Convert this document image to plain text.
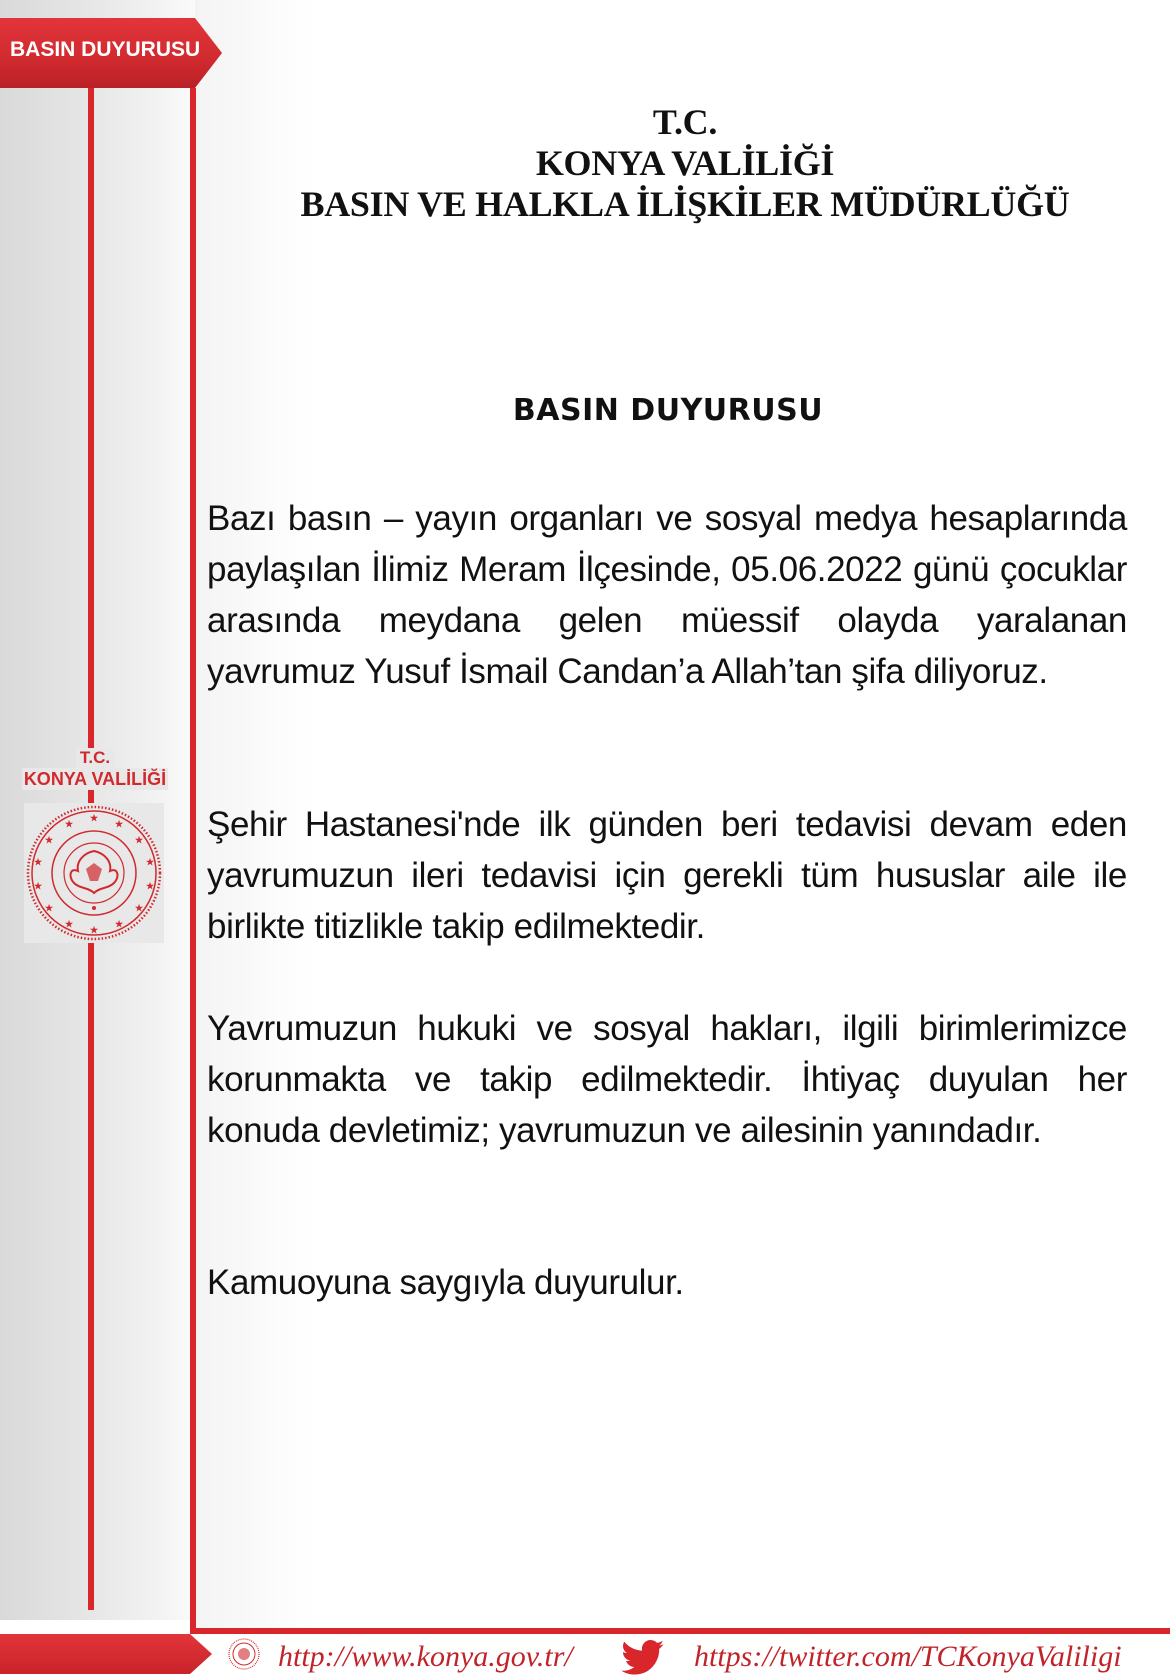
BASIN DUYURUSU
T.C.
KONYA VALİLİĞİ
★
★	★
★	★
★	★
★	★
★	★
★	★
★
T.C.
KONYA VALİLİĞİ
BASIN VE HALKLA İLİŞKİLER MÜDÜRLÜĞÜ
BASIN DUYURUSU

Bazı basın – yayın organları ve sosyal medya hesaplarında paylaşılan İlimiz Meram İlçesinde, 05.06.2022 günü çocuklar arasında meydana gelen müessif olayda yaralanan yavrumuz Yusuf İsmail Candan’a Allah’tan şifa diliyoruz.

Şehir Hastanesi'nde ilk günden beri tedavisi devam eden yavrumuzun ileri tedavisi için gerekli tüm hususlar aile ile birlikte titizlikle takip edilmektedir.

Yavrumuzun hukuki ve sosyal hakları, ilgili birimlerimizce korunmakta ve takip edilmektedir. İhtiyaç duyulan her konuda devletimiz; yavrumuzun ve ailesinin yanındadır.

Kamuoyuna saygıyla duyurulur.

http://www.konya.gov.tr/	https://twitter.com/TCKonyaValiligi
